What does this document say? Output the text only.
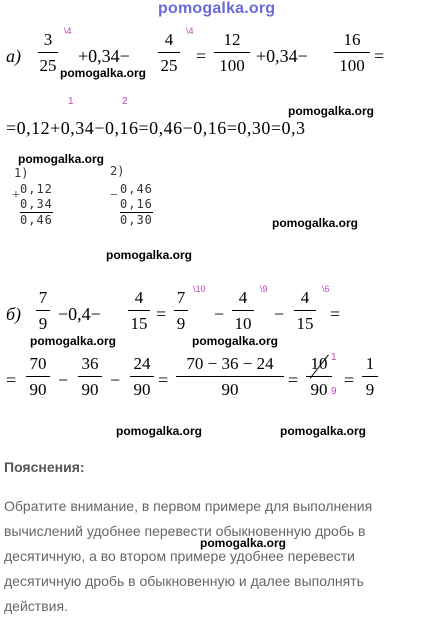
pomogalka.org
а)
3
25
\4
+0,34−
4
25
\4
=
12
100 +0,34−
16
100 =
pomogalka.org
pomogalka.org
1	2
=0,12+0,34−0,16=0,46−0,16=0,30=0,3
pomogalka.org
1)
+ 0,12
0,34
0,46
2)
− 0,46
0,16
0,30	pomogalka.org
pomogalka.org
б)
7
9 −0,4−
4
15 =
7
9
\10
−
4
10
\9
−
4
15
\6
=
pomogalka.org	pomogalka.org
=
70
90 −
36
90 −
24
90 =
70 − 36 − 24
90	=
10
90
1
9
=
1
9
pomogalka.org	pomogalka.org
Пояснения:
Обратите внимание, в первом примере для выполнения вычислений удобнее перевести обыкновенную дробь в десятичную, а во втором примере удобнее перевести десятичную дробь в обыкновенную и далее выполнять действия.
pomogalka.org
